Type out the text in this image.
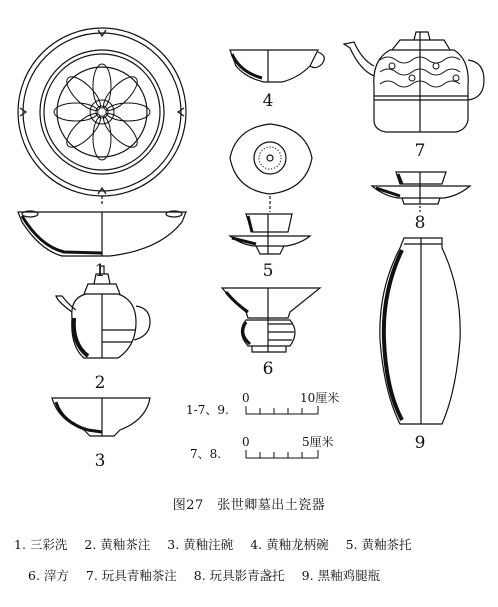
1
2
3
4
5
6
7
8
9
1-7、9.
0	10厘米
7、8.
0	5厘米
图27　张世卿墓出土瓷器
1. 三彩洗 2. 黄釉茶注 3. 黄釉注碗 4. 黄釉龙柄碗 5. 黄釉茶托
6. 滓方 7. 玩具青釉茶注 8. 玩具影青盏托 9. 黑釉鸡腿瓶
